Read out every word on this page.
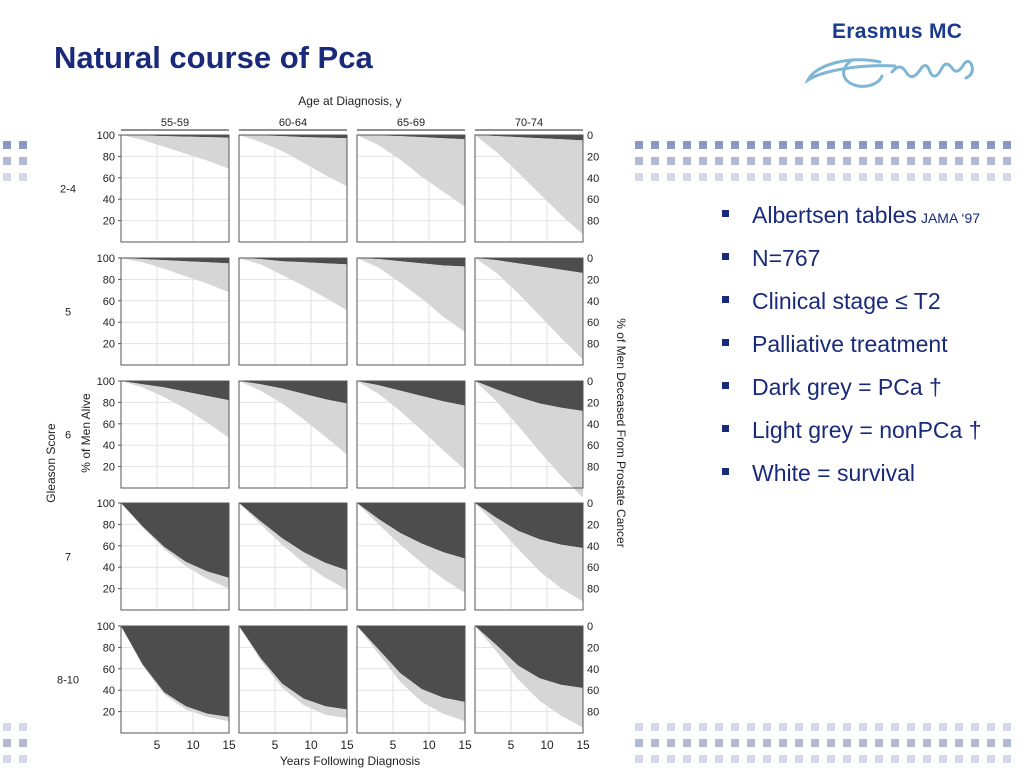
Natural course of Pca
Erasmus MC
Age at Diagnosis, y
Years Following Diagnosis
Gleason Score % of Men Alive	% of Men Deceased From Prostate Cancer
55-59	60-64	65-69	70-74
2-4
5
6
7
8-10
100
80
60
40
20
0
20
40
60
80
100
80
60
40
20
0
20
40
60
80
100
80
60
40
20
0
20
40
60
80
100
80
60
40
20
0
20
40
60
80
100
80
60
40
20
5 10 15	5 10 15	5 10 15
0
20
40
60
80
5 10 15
Albertsen tables JAMA ‘97
N=767
Clinical stage ≤ T2
Palliative treatment
Dark grey = PCa †
Light grey = nonPCa †
White = survival
